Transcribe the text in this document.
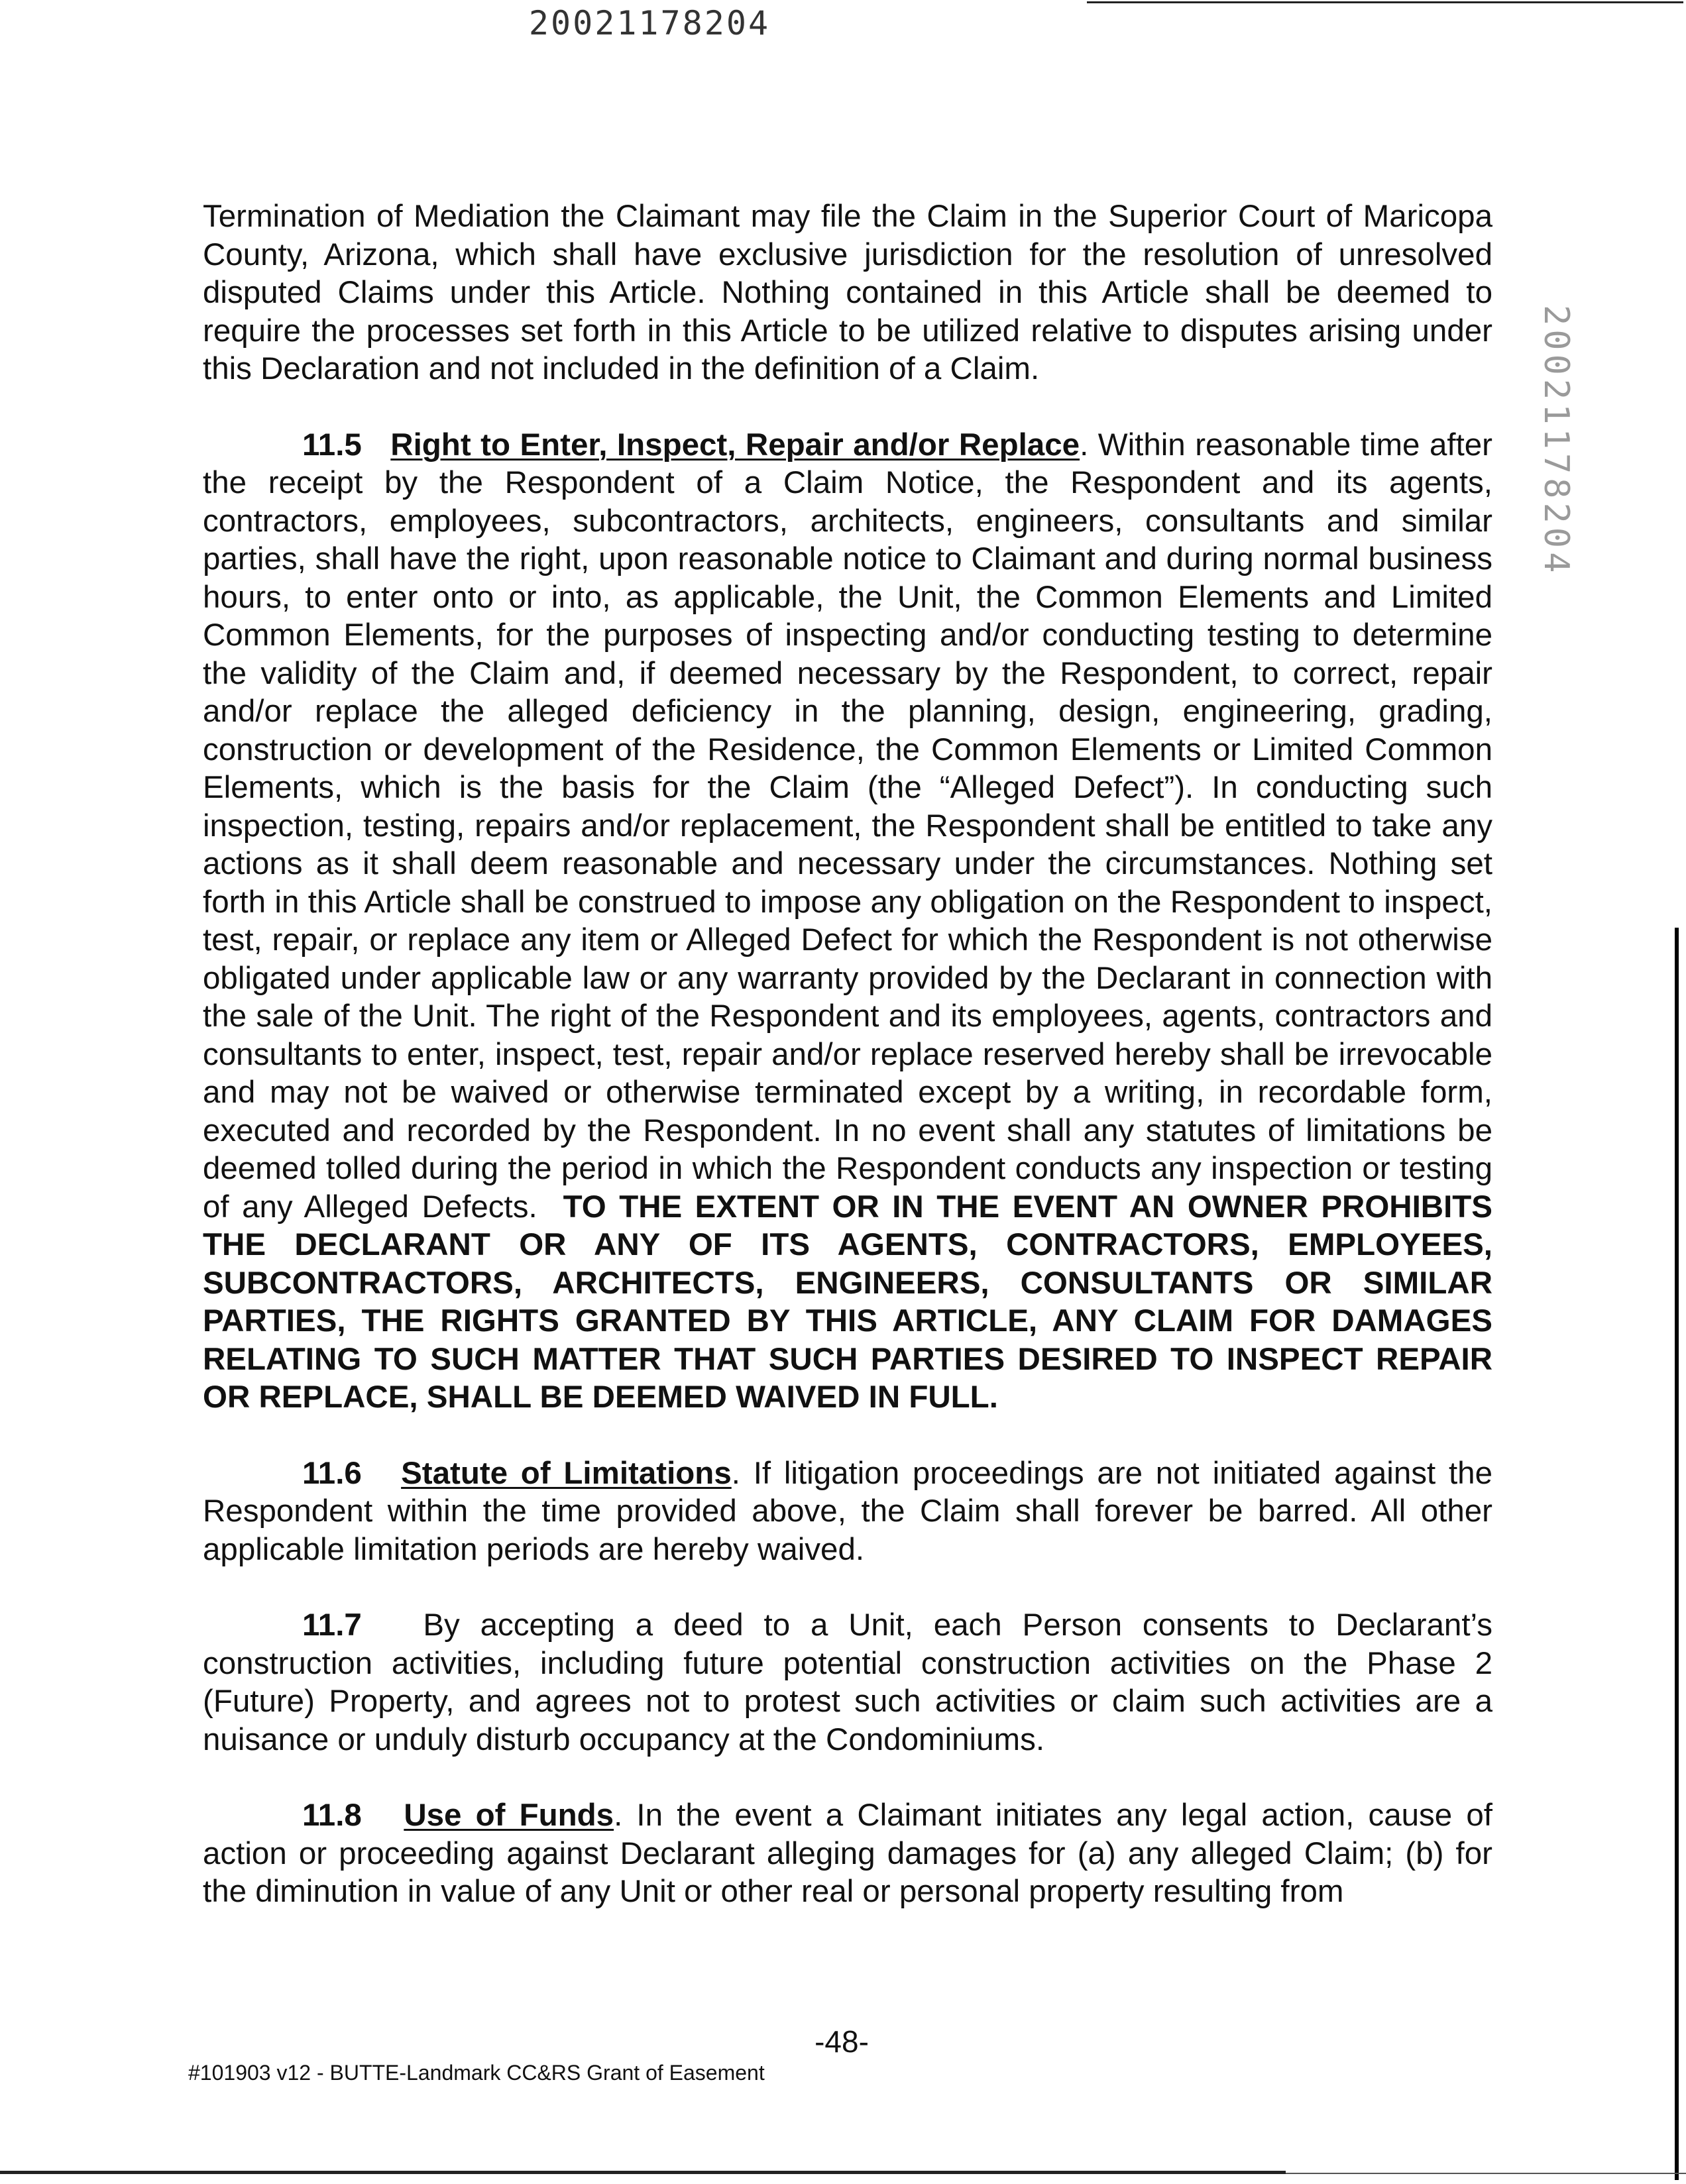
20021178204
20021178204

Termination of Mediation the Claimant may file the Claim in the Superior Court of Maricopa County, Arizona, which shall have exclusive jurisdiction for the resolution of unresolved disputed Claims under this Article. Nothing contained in this Article shall be deemed to require the processes set forth in this Article to be utilized relative to disputes arising under this Declaration and not included in the definition of a Claim.

11.5 Right to Enter, Inspect, Repair and/or Replace. Within reasonable time after the receipt by the Respondent of a Claim Notice, the Respondent and its agents, contractors, employees, subcontractors, architects, engineers, consultants and similar parties, shall have the right, upon reasonable notice to Claimant and during normal business hours, to enter onto or into, as applicable, the Unit, the Common Elements and Limited Common Elements, for the purposes of inspecting and/or conducting testing to determine the validity of the Claim and, if deemed necessary by the Respondent, to correct, repair and/or replace the alleged deficiency in the planning, design, engineering, grading, construction or development of the Residence, the Common Elements or Limited Common Elements, which is the basis for the Claim (the “Alleged Defect”). In conducting such inspection, testing, repairs and/or replacement, the Respondent shall be entitled to take any actions as it shall deem reasonable and necessary under the circumstances. Nothing set forth in this Article shall be construed to impose any obligation on the Respondent to inspect, test, repair, or replace any item or Alleged Defect for which the Respondent is not otherwise obligated under applicable law or any warranty provided by the Declarant in connection with the sale of the Unit. The right of the Respondent and its employees, agents, contractors and consultants to enter, inspect, test, repair and/or replace reserved hereby shall be irrevocable and may not be waived or otherwise terminated except by a writing, in recordable form, executed and recorded by the Respondent. In no event shall any statutes of limitations be deemed tolled during the period in which the Respondent conducts any inspection or testing of any Alleged Defects. TO THE EXTENT OR IN THE EVENT AN OWNER PROHIBITS THE DECLARANT OR ANY OF ITS AGENTS, CONTRACTORS, EMPLOYEES, SUBCONTRACTORS, ARCHITECTS, ENGINEERS, CONSULTANTS OR SIMILAR PARTIES, THE RIGHTS GRANTED BY THIS ARTICLE, ANY CLAIM FOR DAMAGES RELATING TO SUCH MATTER THAT SUCH PARTIES DESIRED TO INSPECT REPAIR OR REPLACE, SHALL BE DEEMED WAIVED IN FULL.

11.6 Statute of Limitations. If litigation proceedings are not initiated against the Respondent within the time provided above, the Claim shall forever be barred. All other applicable limitation periods are hereby waived.

11.7 By accepting a deed to a Unit, each Person consents to Declarant’s construction activities, including future potential construction activities on the Phase 2 (Future) Property, and agrees not to protest such activities or claim such activities are a nuisance or unduly disturb occupancy at the Condominiums.

11.8 Use of Funds. In the event a Claimant initiates any legal action, cause of action or proceeding against Declarant alleging damages for (a) any alleged Claim; (b) for the diminution in value of any Unit or other real or personal property resulting from

-48-
#101903 v12 - BUTTE-Landmark CC&RS Grant of Easement
